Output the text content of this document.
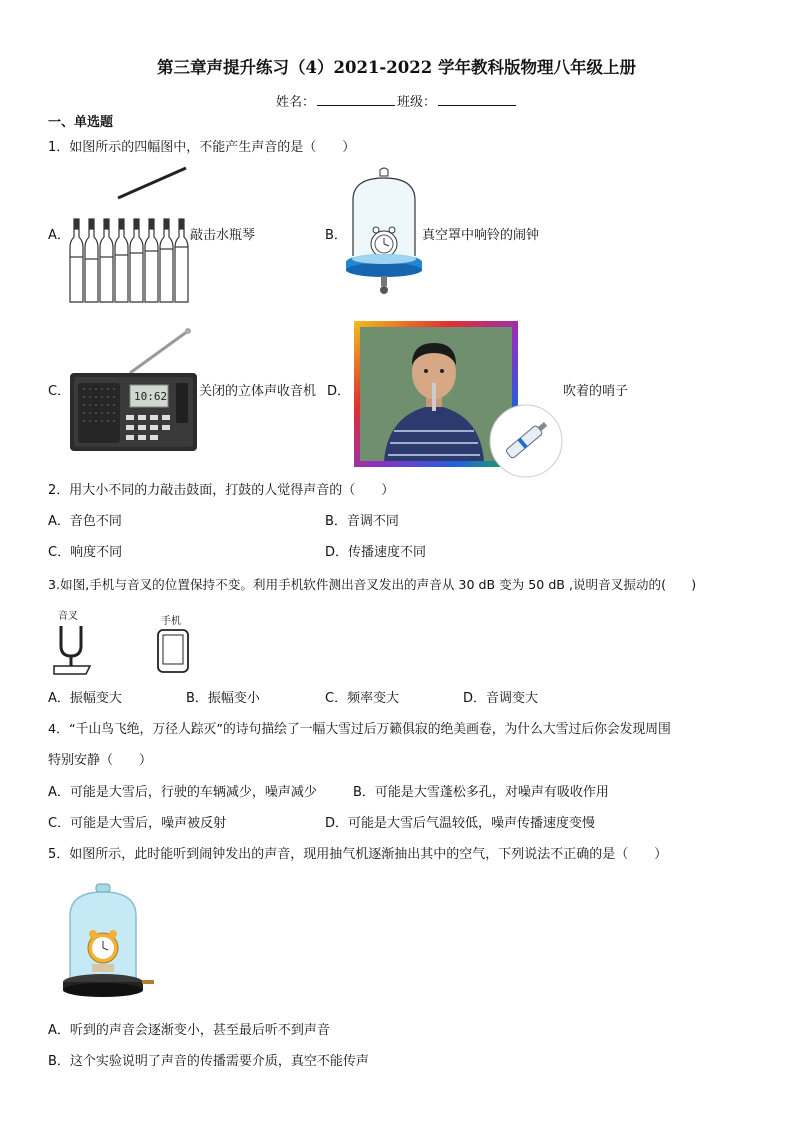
第三章声提升练习（4）2021-2022 学年教科版物理八年级上册
姓名：	班级：
一、单选题
1．如图所示的四幅图中，不能产生声音的是（　　）
A．	敲击水瓶琴	B．	真空罩中响铃的闹钟
C．	10:62 关闭的立体声收音机 D．	吹着的哨子
2．用大小不同的力敲击鼓面，打鼓的人觉得声音的（　　）
A．音色不同	B．音调不同
C．响度不同	D．传播速度不同
3.如图,手机与音叉的位置保持不变。利用手机软件测出音叉发出的声音从 30 dB 变为 50 dB ,说明音叉振动的(　　)
音叉	手机
A．振幅变大	B．振幅变小	C．频率变大	D．音调变大
4．“千山鸟飞绝，万径人踪灭”的诗句描绘了一幅大雪过后万籁俱寂的绝美画卷，为什么大雪过后你会发现周围
特别安静（　　）
A．可能是大雪后，行驶的车辆减少，噪声减少	B．可能是大雪蓬松多孔，对噪声有吸收作用
C．可能是大雪后，噪声被反射	D．可能是大雪后气温较低，噪声传播速度变慢
5．如图所示，此时能听到闹钟发出的声音，现用抽气机逐渐抽出其中的空气，下列说法不正确的是（　　）
A．听到的声音会逐渐变小，甚至最后听不到声音
B．这个实验说明了声音的传播需要介质，真空不能传声
